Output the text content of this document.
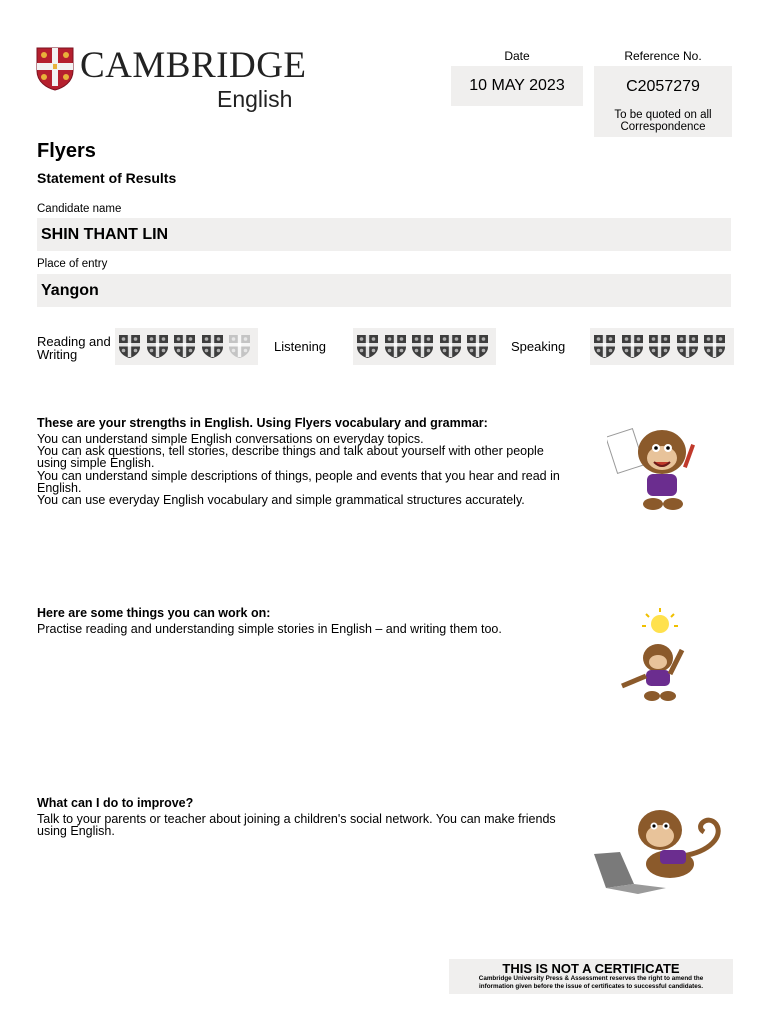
CAMBRIDGE
English
Date
10 MAY 2023
Reference No.
C2057279
To be quoted on all
Correspondence
Flyers
Statement of Results
Candidate name
SHIN THANT LIN
Place of entry
Yangon
Reading and
Writing
Listening	Speaking
These are your strengths in English. Using Flyers vocabulary and grammar:
You can understand simple English conversations on everyday topics.
You can ask questions, tell stories, describe things and talk about yourself with other people
using simple English.
You can understand simple descriptions of things, people and events that you hear and read in
English.
You can use everyday English vocabulary and simple grammatical structures accurately.
Here are some things you can work on:
Practise reading and understanding simple stories in English – and writing them too.
What can I do to improve?
Talk to your parents or teacher about joining a children's social network. You can make friends
using English.
THIS IS NOT A CERTIFICATE
Cambridge University Press & Assessment reserves the right to amend the
information given before the issue of certificates to successful candidates.
